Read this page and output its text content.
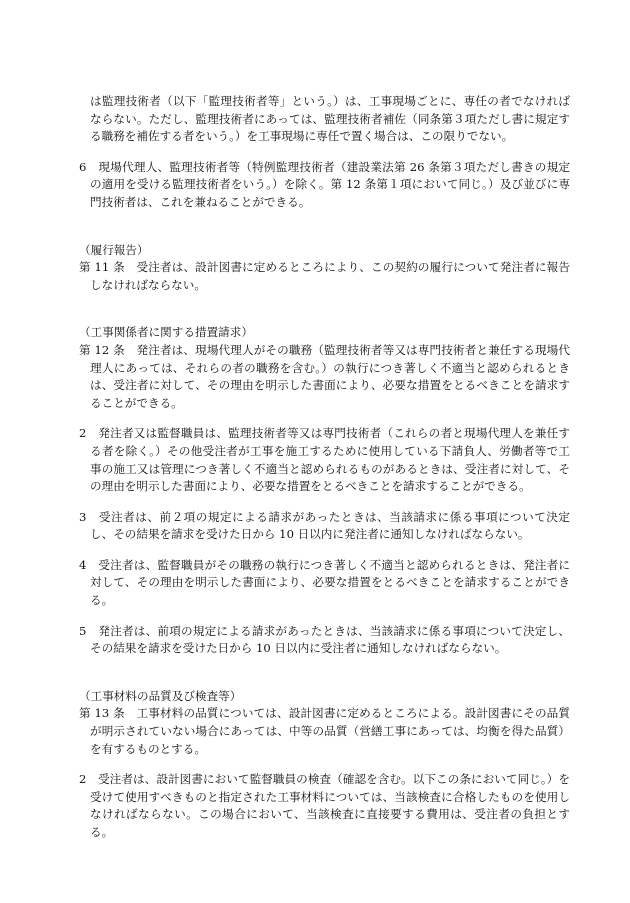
は監理技術者（以下「監理技術者等」という。）は、工事現場ごとに、専任の者でなければならない。ただし、監理技術者にあっては、監理技術者補佐（同条第３項ただし書に規定する職務を補佐する者をいう。）を工事現場に専任で置く場合は、この限りでない。

6　現場代理人、監理技術者等（特例監理技術者（建設業法第 26 条第３項ただし書きの規定の適用を受ける監理技術者をいう。）を除く。第 12 条第１項において同じ。）及び並びに専門技術者は、これを兼ねることができる。

（履行報告）

第 11 条　受注者は、設計図書に定めるところにより、この契約の履行について発注者に報告しなければならない。

（工事関係者に関する措置請求）

第 12 条　発注者は、現場代理人がその職務（監理技術者等又は専門技術者と兼任する現場代理人にあっては、それらの者の職務を含む。）の執行につき著しく不適当と認められるときは、受注者に対して、その理由を明示した書面により、必要な措置をとるべきことを請求することができる。

2　発注者又は監督職員は、監理技術者等又は専門技術者（これらの者と現場代理人を兼任する者を除く。）その他受注者が工事を施工するために使用している下請負人、労働者等で工事の施工又は管理につき著しく不適当と認められるものがあるときは、受注者に対して、その理由を明示した書面により、必要な措置をとるべきことを請求することができる。

3　受注者は、前２項の規定による請求があったときは、当該請求に係る事項について決定し、その結果を請求を受けた日から 10 日以内に発注者に通知しなければならない。

4　受注者は、監督職員がその職務の執行につき著しく不適当と認められるときは、発注者に対して、その理由を明示した書面により、必要な措置をとるべきことを請求することができる。

5　発注者は、前項の規定による請求があったときは、当該請求に係る事項について決定し、その結果を請求を受けた日から 10 日以内に受注者に通知しなければならない。

（工事材料の品質及び検査等）

第 13 条　工事材料の品質については、設計図書に定めるところによる。設計図書にその品質が明示されていない場合にあっては、中等の品質（営繕工事にあっては、均衡を得た品質）を有するものとする。

2　受注者は、設計図書において監督職員の検査（確認を含む。以下この条において同じ。）を受けて使用すべきものと指定された工事材料については、当該検査に合格したものを使用しなければならない。この場合において、当該検査に直接要する費用は、受注者の負担とする。
